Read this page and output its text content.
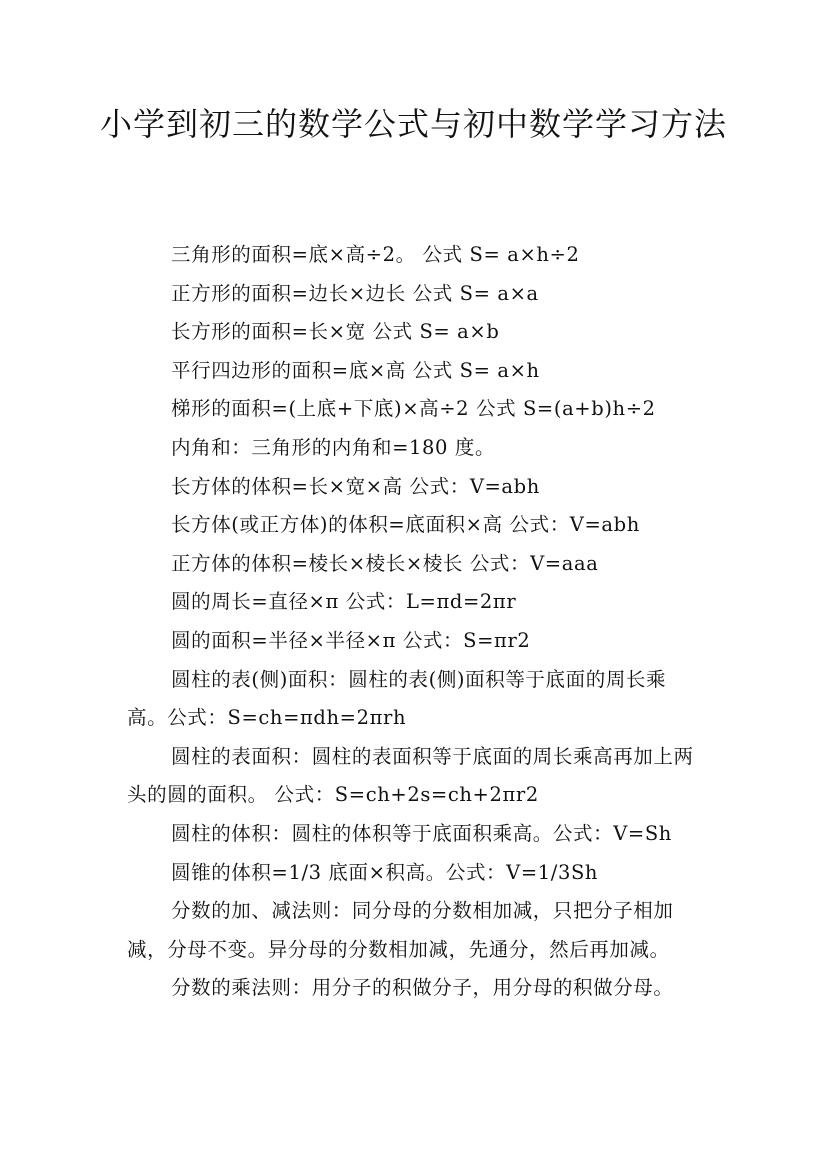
小学到初三的数学公式与初中数学学习方法

三角形的面积=底×高÷2。 公式 S= a×h÷2

正方形的面积=边长×边长 公式 S= a×a

长方形的面积=长×宽 公式 S= a×b

平行四边形的面积=底×高 公式 S= a×h

梯形的面积=(上底+下底)×高÷2 公式 S=(a+b)h÷2

内角和：三角形的内角和=180 度。

长方体的体积=长×宽×高 公式：V=abh

长方体(或正方体)的体积=底面积×高 公式：V=abh

正方体的体积=棱长×棱长×棱长 公式：V=aaa

圆的周长=直径×π 公式：L=πd=2πr

圆的面积=半径×半径×π 公式：S=πr2

圆柱的表(侧)面积：圆柱的表(侧)面积等于底面的周长乘高。公式：S=ch=πdh=2πrh

圆柱的表面积：圆柱的表面积等于底面的周长乘高再加上两头的圆的面积。 公式：S=ch+2s=ch+2πr2

圆柱的体积：圆柱的体积等于底面积乘高。公式：V=Sh

圆锥的体积=1/3 底面×积高。公式：V=1/3Sh

分数的加、减法则：同分母的分数相加减，只把分子相加减，分母不变。异分母的分数相加减，先通分，然后再加减。

分数的乘法则：用分子的积做分子，用分母的积做分母。
